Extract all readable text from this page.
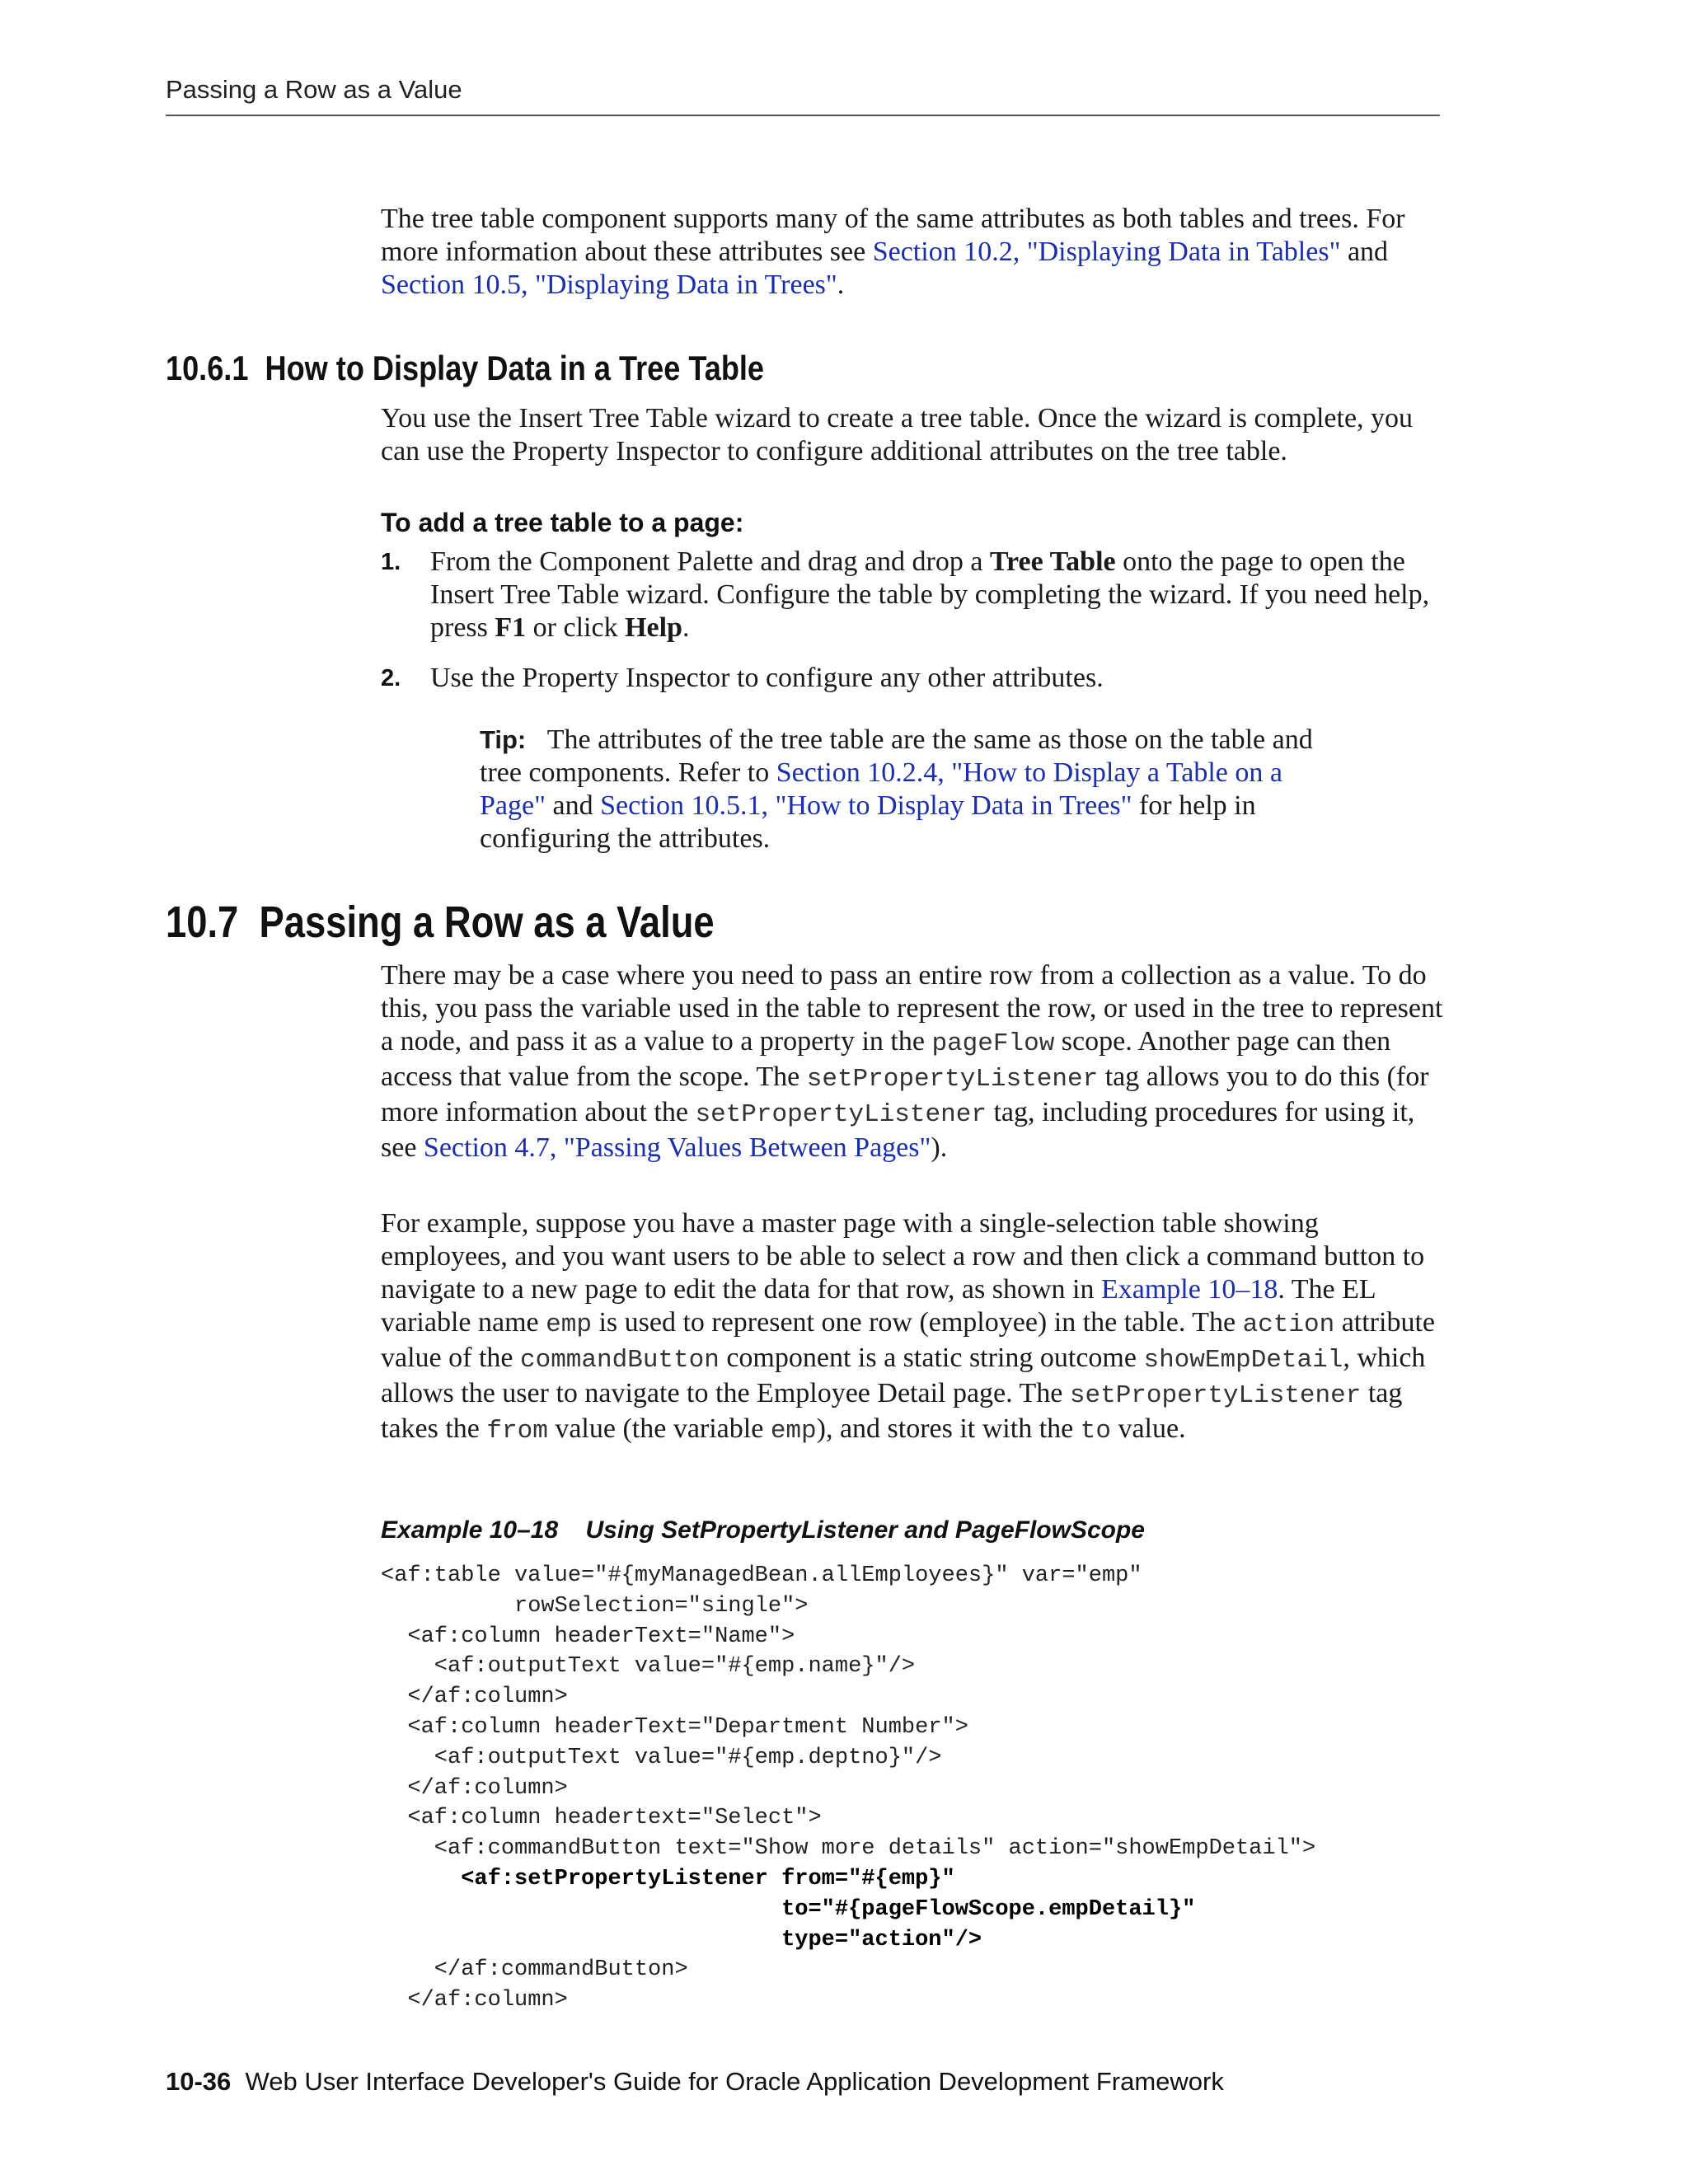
Passing a Row as a Value
The tree table component supports many of the same attributes as both tables and trees. For more information about these attributes see Section 10.2, "Displaying Data in Tables" and Section 10.5, "Displaying Data in Trees".
10.6.1 How to Display Data in a Tree Table
You use the Insert Tree Table wizard to create a tree table. Once the wizard is complete, you can use the Property Inspector to configure additional attributes on the tree table.
To add a tree table to a page:
1. From the Component Palette and drag and drop a Tree Table onto the page to open the Insert Tree Table wizard. Configure the table by completing the wizard. If you need help, press F1 or click Help.
2. Use the Property Inspector to configure any other attributes.
Tip: The attributes of the tree table are the same as those on the table and tree components. Refer to Section 10.2.4, "How to Display a Table on a Page" and Section 10.5.1, "How to Display Data in Trees" for help in configuring the attributes.
10.7 Passing a Row as a Value
There may be a case where you need to pass an entire row from a collection as a value. To do this, you pass the variable used in the table to represent the row, or used in the tree to represent a node, and pass it as a value to a property in the pageFlow scope. Another page can then access that value from the scope. The setPropertyListener tag allows you to do this (for more information about the setPropertyListener tag, including procedures for using it, see Section 4.7, "Passing Values Between Pages").
For example, suppose you have a master page with a single-selection table showing employees, and you want users to be able to select a row and then click a command button to navigate to a new page to edit the data for that row, as shown in Example 10–18. The EL variable name emp is used to represent one row (employee) in the table. The action attribute value of the commandButton component is a static string outcome showEmpDetail, which allows the user to navigate to the Employee Detail page. The setPropertyListener tag takes the from value (the variable emp), and stores it with the to value.
Example 10–18 Using SetPropertyListener and PageFlowScope
<af:table value="#{myManagedBean.allEmployees}" var="emp"
rowSelection="single">
<af:column headerText="Name">
<af:outputText value="#{emp.name}"/>
</af:column>
<af:column headerText="Department Number">
<af:outputText value="#{emp.deptno}"/>
</af:column>
<af:column headertext="Select">
<af:commandButton text="Show more details" action="showEmpDetail">
<af:setPropertyListener from="#{emp}"
to="#{pageFlowScope.empDetail}"
type="action"/>
</af:commandButton>
</af:column>
10-36 Web User Interface Developer's Guide for Oracle Application Development Framework
